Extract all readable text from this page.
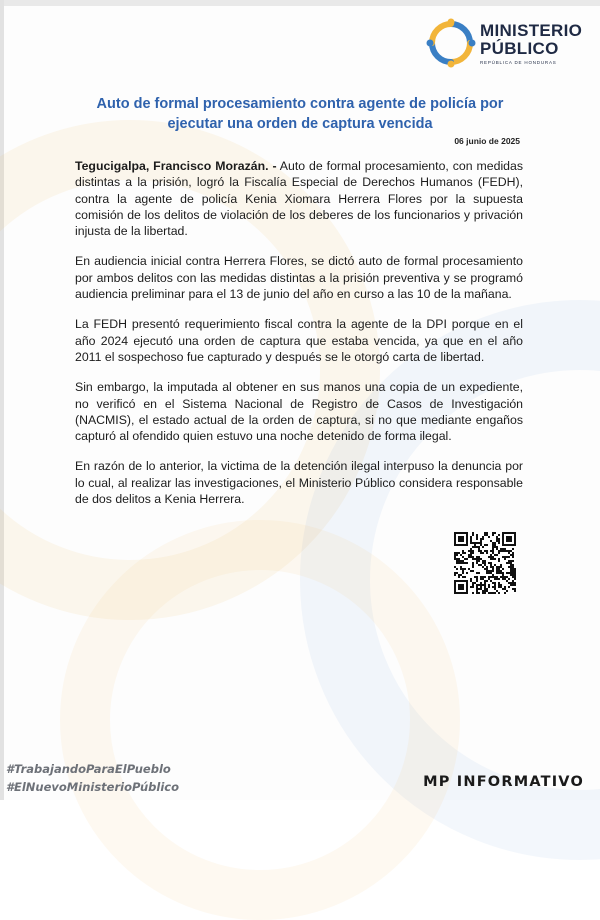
MINISTERIO
PÚBLICO
REPÚBLICA DE HONDURAS
Auto de formal procesamiento contra agente de policía por
ejecutar una orden de captura vencida
06 junio de 2025

Tegucigalpa, Francisco Morazán. - Auto de formal procesamiento, con medidas distintas a la prisión, logró la Fiscalía Especial de Derechos Humanos (FEDH), contra la agente de policía Kenia Xiomara Herrera Flores por la supuesta comisión de los delitos de violación de los deberes de los funcionarios y privación injusta de la libertad.

En audiencia inicial contra Herrera Flores, se dictó auto de formal procesamiento por ambos delitos con las medidas distintas a la prisión preventiva y se programó audiencia preliminar para el 13 de junio del año en curso a las 10 de la mañana.

La FEDH presentó requerimiento fiscal contra la agente de la DPI porque en el año 2024 ejecutó una orden de captura que estaba vencida, ya que en el año 2011 el sospechoso fue capturado y después se le otorgó carta de libertad.

Sin embargo, la imputada al obtener en sus manos una copia de un expediente, no verificó en el Sistema Nacional de Registro de Casos de Investigación (NACMIS), el estado actual de la orden de captura, si no que mediante engaños capturó al ofendido quien estuvo una noche detenido de forma ilegal.

En razón de lo anterior, la victima de la detención ilegal interpuso la denuncia por lo cual, al realizar las investigaciones, el Ministerio Público considera responsable de dos delitos a Kenia Herrera.

#TrabajandoParaElPueblo
#ElNuevoMinisterioPúblico	MP INFORMATIVO
